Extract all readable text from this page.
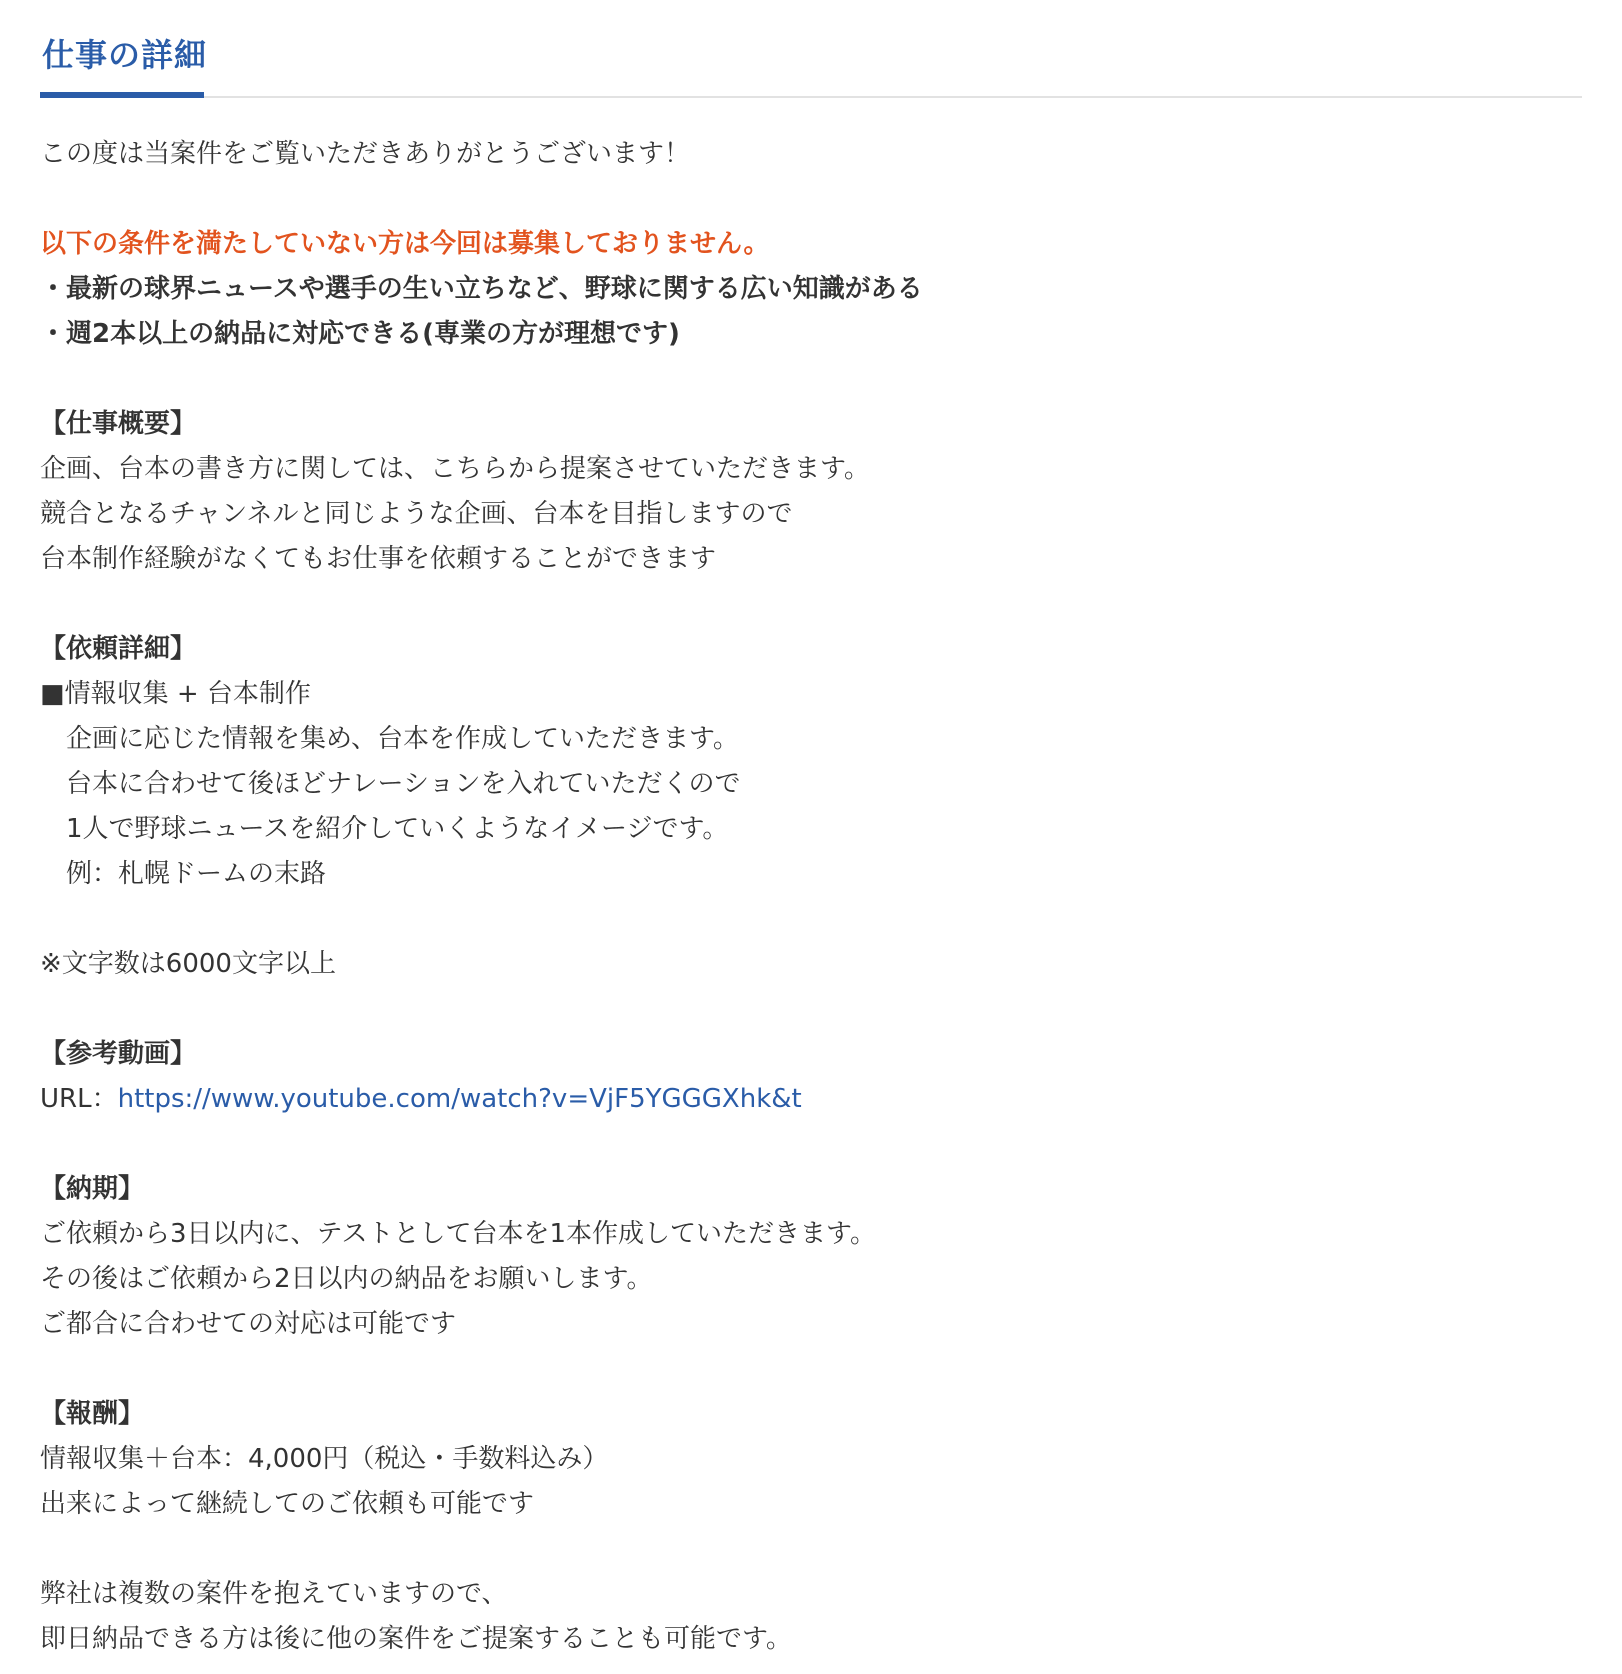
仕事の詳細
この度は当案件をご覧いただきありがとうございます！
以下の条件を満たしていない方は今回は募集しておりません。
・最新の球界ニュースや選手の生い立ちなど、野球に関する広い知識がある
・週2本以上の納品に対応できる(専業の方が理想です)
【仕事概要】
企画、台本の書き方に関しては、こちらから提案させていただきます。
競合となるチャンネルと同じような企画、台本を目指しますので
台本制作経験がなくてもお仕事を依頼することができます
【依頼詳細】
■情報収集 + 台本制作
企画に応じた情報を集め、台本を作成していただきます。
台本に合わせて後ほどナレーションを入れていただくので
1人で野球ニュースを紹介していくようなイメージです。
例：札幌ドームの末路
※文字数は6000文字以上
【参考動画】
URL：https://www.youtube.com/watch?v=VjF5YGGGXhk&t
【納期】
ご依頼から3日以内に、テストとして台本を1本作成していただきます。
その後はご依頼から2日以内の納品をお願いします。
ご都合に合わせての対応は可能です
【報酬】
情報収集＋台本：4,000円（税込・手数料込み）
出来によって継続してのご依頼も可能です
弊社は複数の案件を抱えていますので、
即日納品できる方は後に他の案件をご提案することも可能です。
